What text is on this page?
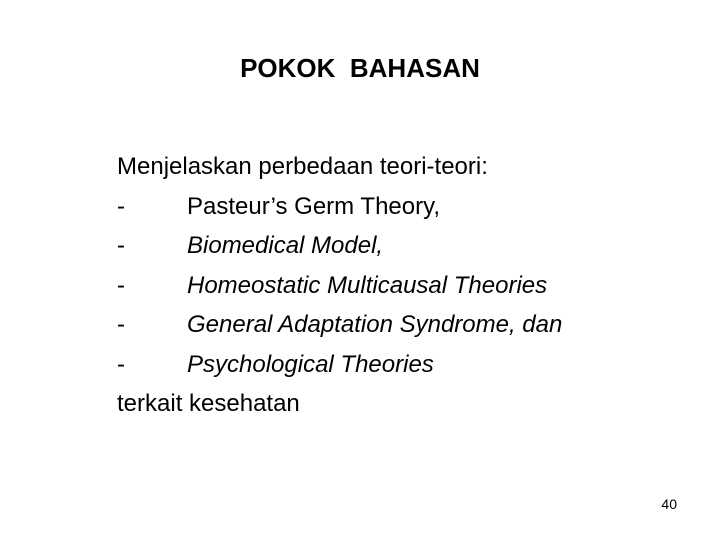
POKOK  BAHASAN
Menjelaskan perbedaan teori-teori:
-	Pasteur’s Germ Theory,
-	Biomedical Model,
-	Homeostatic Multicausal Theories
-	General Adaptation Syndrome, dan
-	Psychological Theories
terkait kesehatan
40
